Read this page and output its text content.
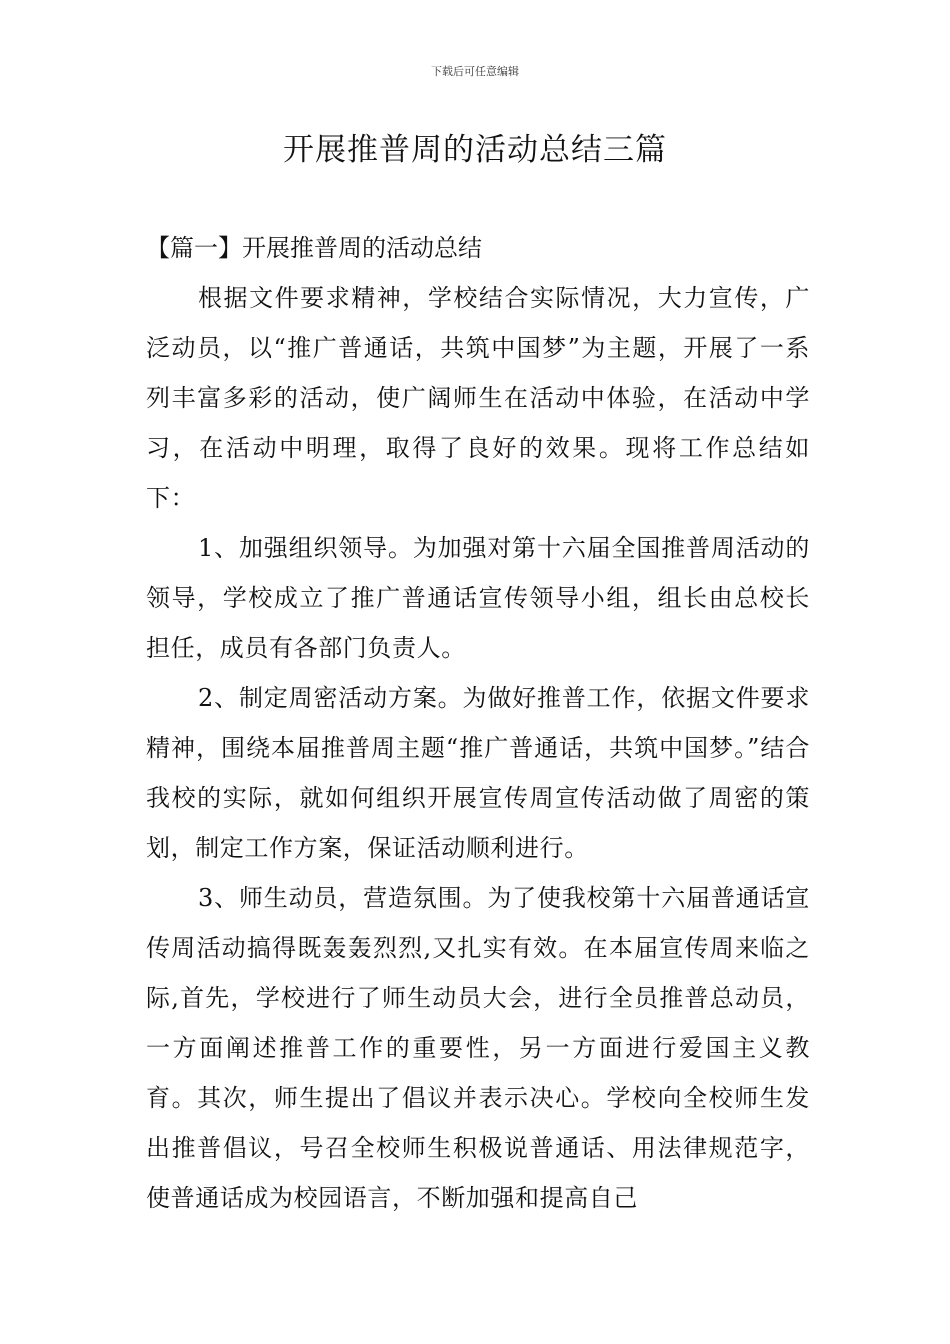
下载后可任意编辑
开展推普周的活动总结三篇
【篇一】开展推普周的活动总结

根据文件要求精神，学校结合实际情况，大力宣传，广泛动员，以“推广普通话，共筑中国梦”为主题，开展了一系列丰富多彩的活动，使广阔师生在活动中体验，在活动中学习，在活动中明理，取得了良好的效果。现将工作总结如下：

1、加强组织领导。为加强对第十六届全国推普周活动的领导，学校成立了推广普通话宣传领导小组，组长由总校长担任，成员有各部门负责人。

2、制定周密活动方案。为做好推普工作，依据文件要求精神，围绕本届推普周主题“推广普通话，共筑中国梦。”结合我校的实际，就如何组织开展宣传周宣传活动做了周密的策划，制定工作方案，保证活动顺利进行。

3、师生动员，营造氛围。为了使我校第十六届普通话宣传周活动搞得既轰轰烈烈,又扎实有效。在本届宣传周来临之际,首先，学校进行了师生动员大会，进行全员推普总动员，一方面阐述推普工作的重要性，另一方面进行爱国主义教育。其次，师生提出了倡议并表示决心。学校向全校师生发出推普倡议，号召全校师生积极说普通话、用法律规范字，使普通话成为校园语言，不断加强和提高自己
